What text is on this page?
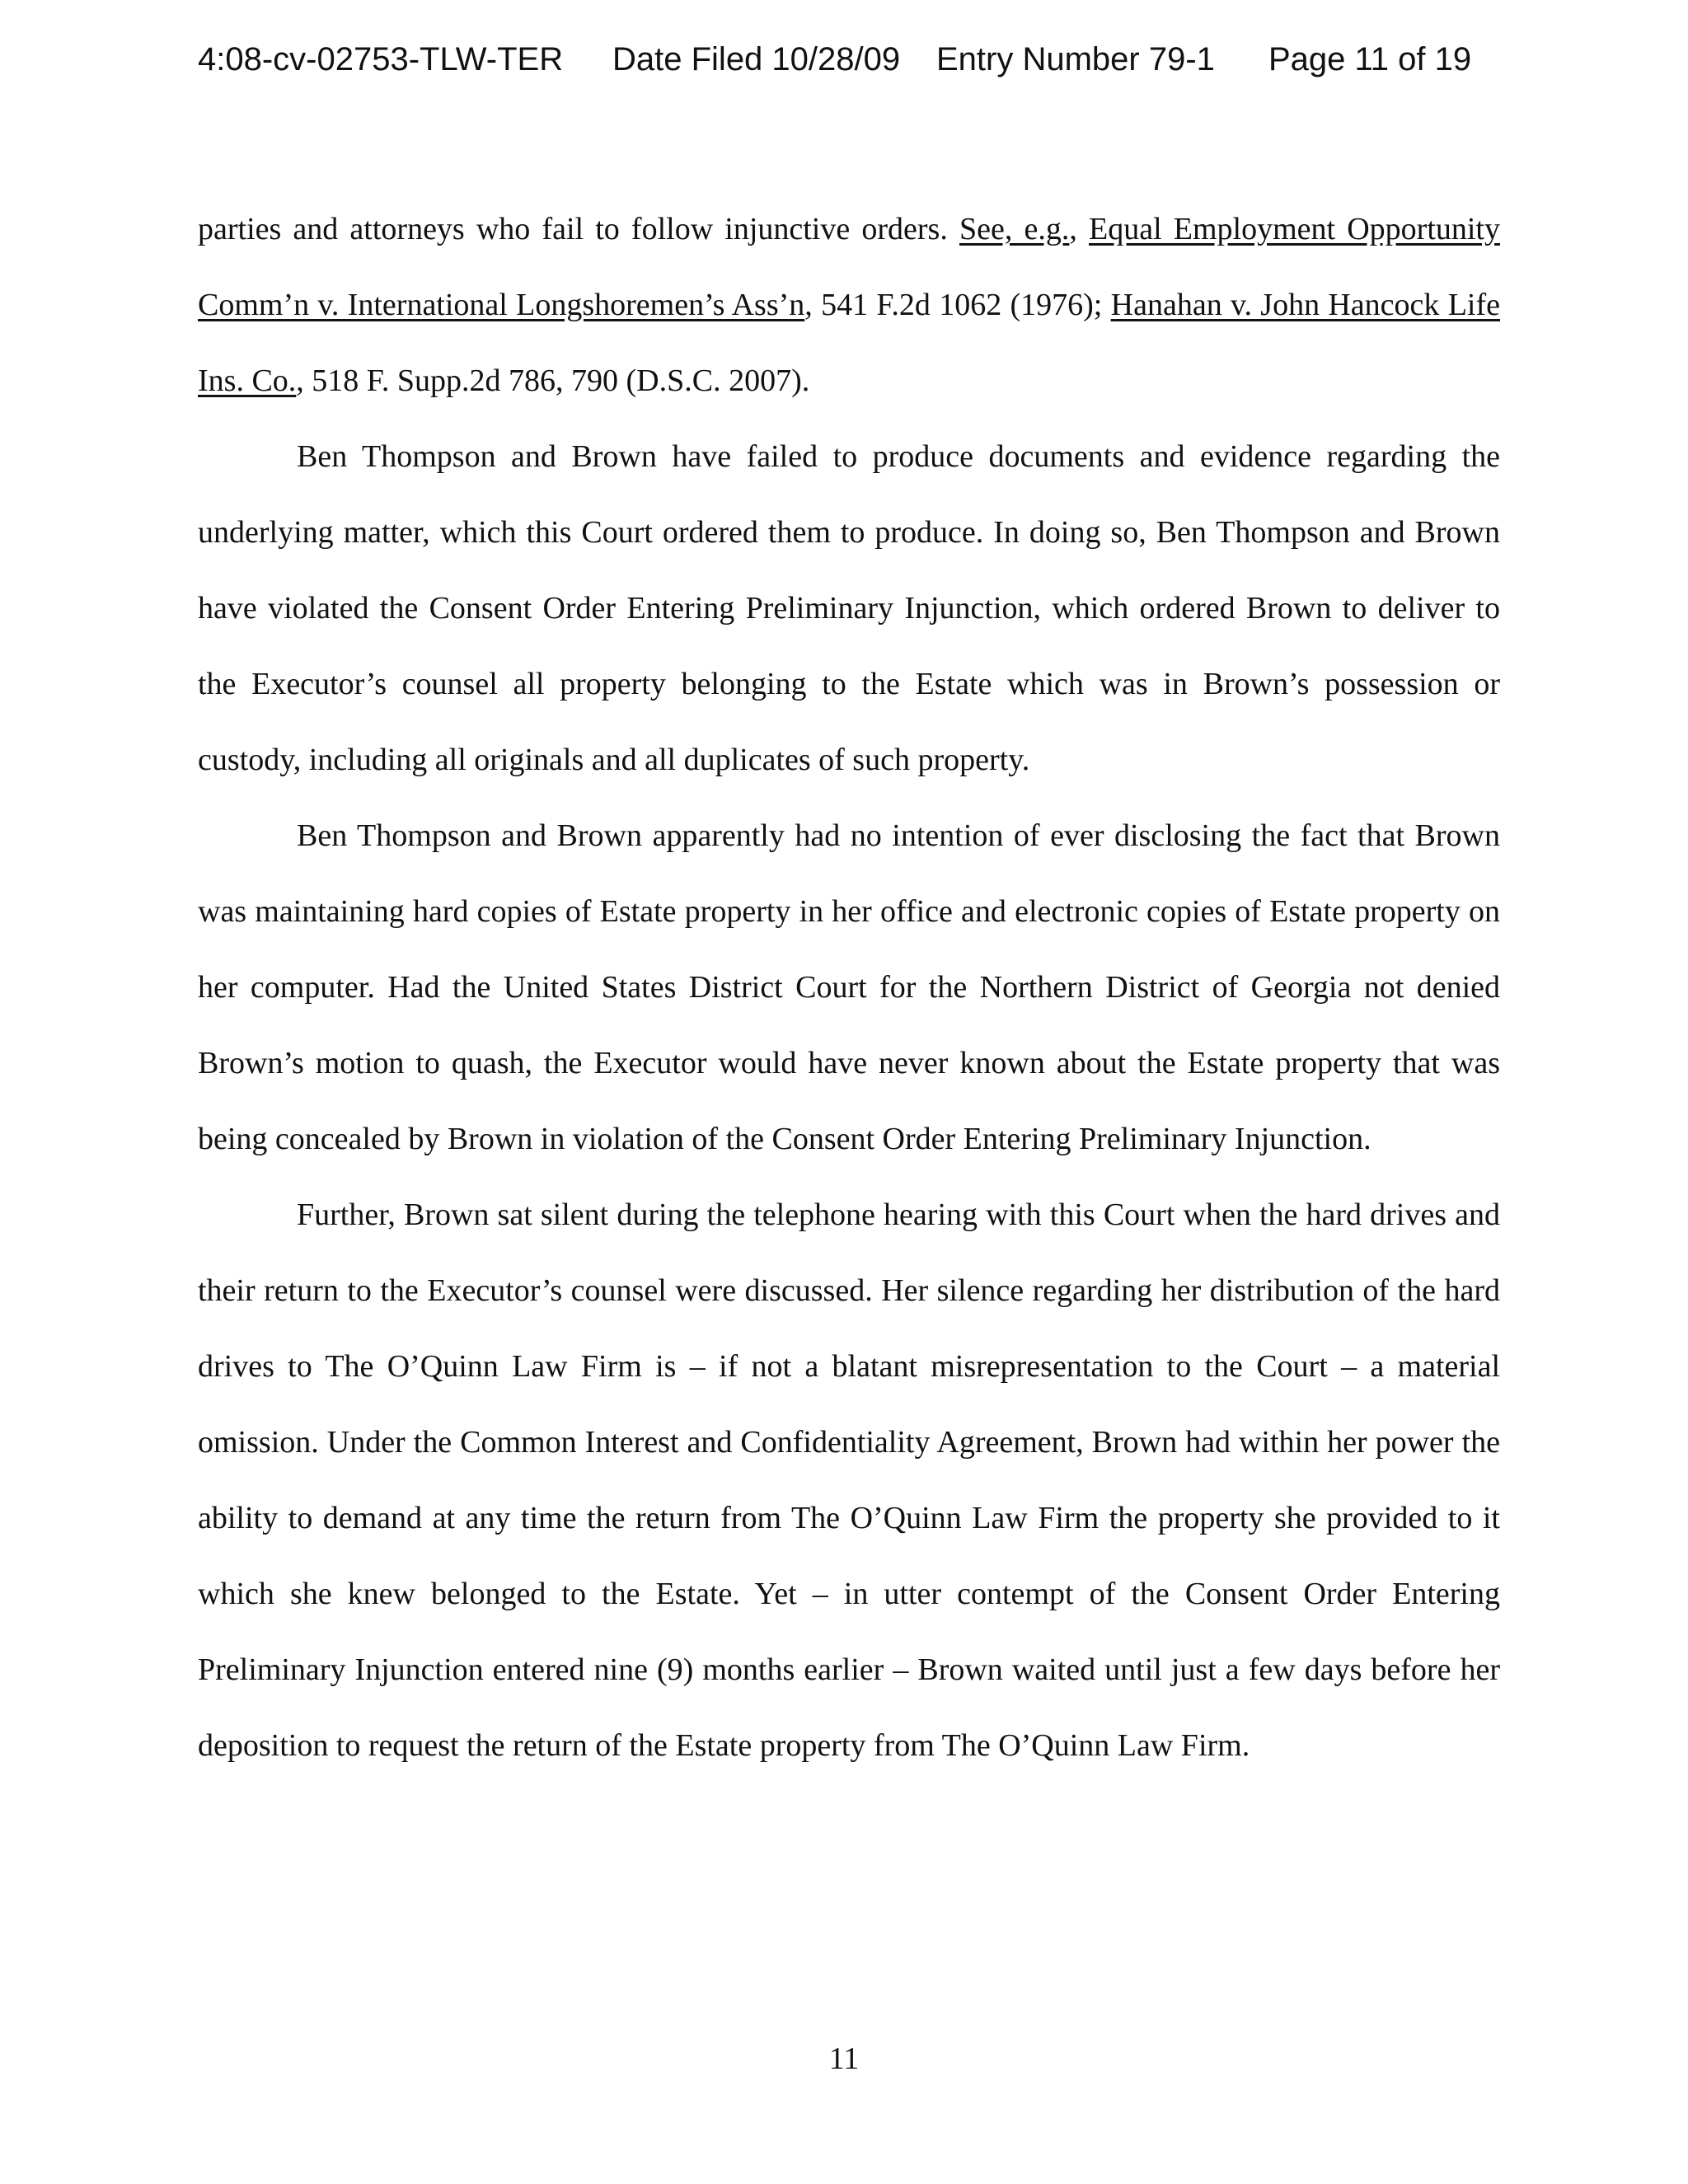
4:08-cv-02753-TLW-TER Date Filed 10/28/09 Entry Number 79-1 Page 11 of 19

parties and attorneys who fail to follow injunctive orders. See, e.g., Equal Employment Opportunity Comm’n v. International Longshoremen’s Ass’n, 541 F.2d 1062 (1976); Hanahan v. John Hancock Life Ins. Co., 518 F. Supp.2d 786, 790 (D.S.C. 2007).

Ben Thompson and Brown have failed to produce documents and evidence regarding the underlying matter, which this Court ordered them to produce. In doing so, Ben Thompson and Brown have violated the Consent Order Entering Preliminary Injunction, which ordered Brown to deliver to the Executor’s counsel all property belonging to the Estate which was in Brown’s possession or custody, including all originals and all duplicates of such property.

Ben Thompson and Brown apparently had no intention of ever disclosing the fact that Brown was maintaining hard copies of Estate property in her office and electronic copies of Estate property on her computer. Had the United States District Court for the Northern District of Georgia not denied Brown’s motion to quash, the Executor would have never known about the Estate property that was being concealed by Brown in violation of the Consent Order Entering Preliminary Injunction.

Further, Brown sat silent during the telephone hearing with this Court when the hard drives and their return to the Executor’s counsel were discussed. Her silence regarding her distribution of the hard drives to The O’Quinn Law Firm is – if not a blatant misrepresentation to the Court – a material omission. Under the Common Interest and Confidentiality Agreement, Brown had within her power the ability to demand at any time the return from The O’Quinn Law Firm the property she provided to it which she knew belonged to the Estate. Yet – in utter contempt of the Consent Order Entering Preliminary Injunction entered nine (9) months earlier – Brown waited until just a few days before her deposition to request the return of the Estate property from The O’Quinn Law Firm.

11
